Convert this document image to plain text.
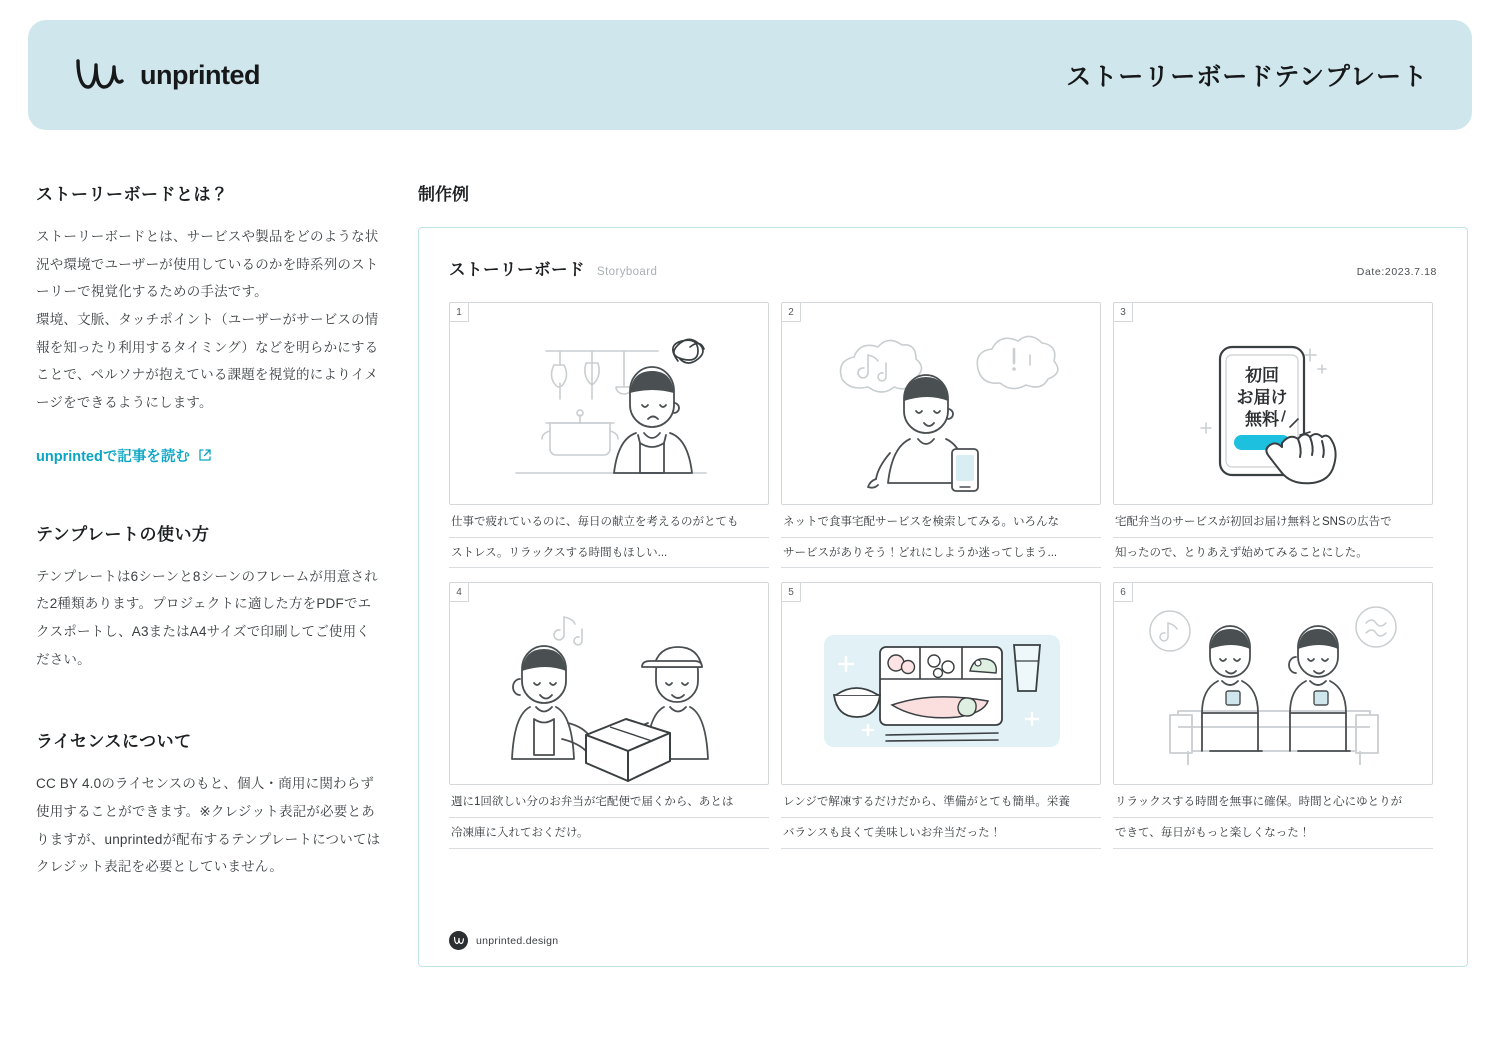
unprinted	ストーリーボードテンプレート
ストーリーボードとは？

ストーリーボードとは、サービスや製品をどのような状況や環境でユーザーが使用しているのかを時系列のストーリーで視覚化するための手法です。

環境、文脈、タッチポイント（ユーザーがサービスの情報を知ったり利用するタイミング）などを明らかにすることで、ペルソナが抱えている課題を視覚的によりイメージをできるようにします。

unprintedで記事を読む
テンプレートの使い方

テンプレートは6シーンと8シーンのフレームが用意された2種類あります。プロジェクトに適した方をPDFでエクスポートし、A3またはA4サイズで印刷してご使用ください。

ライセンスについて

CC BY 4.0のライセンスのもと、個人・商用に関わらず使用することができます。※クレジット表記が必要とありますが、unprintedが配布するテンプレートについてはクレジット表記を必要としていません。

制作例
ストーリーボード Storyboard	Date:2023.7.18
1
仕事で疲れているのに、毎日の献立を考えるのがとても
ストレス。リラックスする時間もほしい...
2
ネットで食事宅配サービスを検索してみる。いろんな
サービスがありそう！どれにしようか迷ってしまう...
3
初回
お届け
無料
宅配弁当のサービスが初回お届け無料とSNSの広告で
知ったので、とりあえず始めてみることにした。
4
週に1回欲しい分のお弁当が宅配便で届くから、あとは
冷凍庫に入れておくだけ。
5
レンジで解凍するだけだから、準備がとても簡単。栄養
バランスも良くて美味しいお弁当だった！
6
リラックスする時間を無事に確保。時間と心にゆとりが
できて、毎日がもっと楽しくなった！
unprinted.design
